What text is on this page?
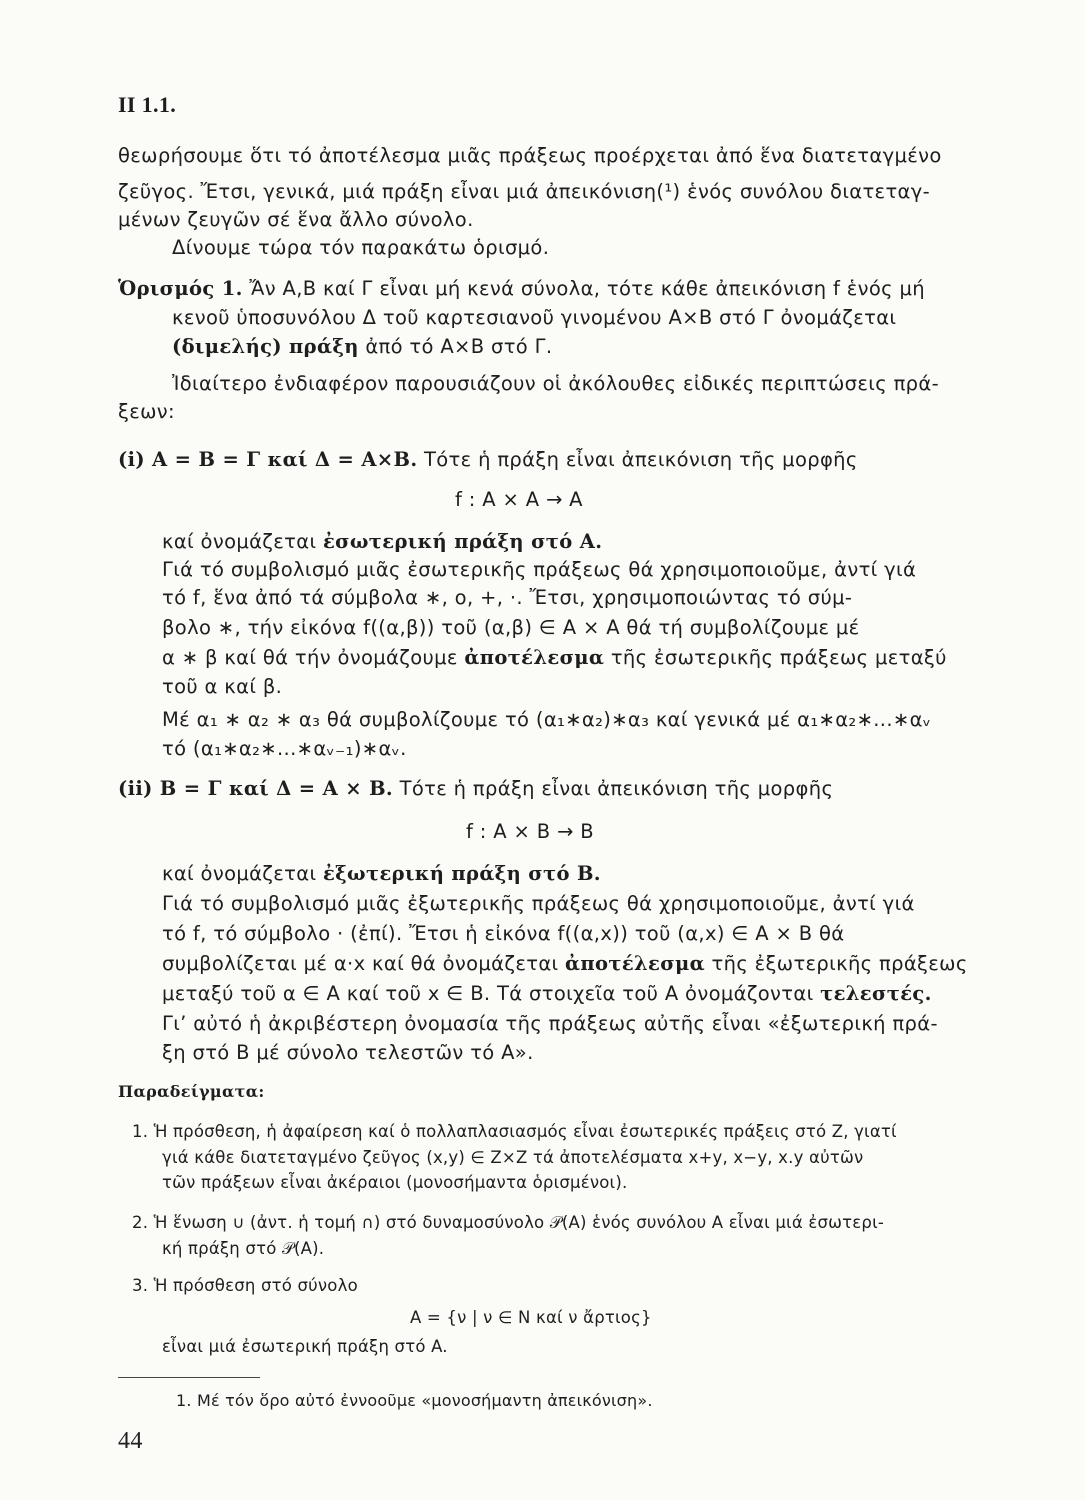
II 1.1.
θεωρήσουμε ὅτι τό ἀποτέλεσμα μιᾶς πράξεως προέρχεται ἀπό ἕνα διατεταγμένο
ζεῦγος. Ἔτσι, γενικά, μιά πράξη εἶναι μιά ἀπεικόνιση(¹) ἑνός συνόλου διατεταγ-
μένων ζευγῶν σέ ἕνα ἄλλο σύνολο.
Δίνουμε τώρα τόν παρακάτω ὁρισμό.
Ὁρισμός 1. Ἄν A,B καί Γ εἶναι μή κενά σύνολα, τότε κάθε ἀπεικόνιση f ἑνός μή
κενοῦ ὑποσυνόλου Δ τοῦ καρτεσιανοῦ γινομένου A×B στό Γ ὀνομάζεται
(διμελής) πράξη ἀπό τό A×B στό Γ.
Ἰδιαίτερο ἐνδιαφέρον παρουσιάζουν οἱ ἀκόλουθες εἰδικές περιπτώσεις πρά-
ξεων:
(i) A = B = Γ καί Δ = A×B. Τότε ἡ πράξη εἶναι ἀπεικόνιση τῆς μορφῆς
f : A × A → A
καί ὀνομάζεται ἐσωτερική πράξη στό A.
Γιά τό συμβολισμό μιᾶς ἐσωτερικῆς πράξεως θά χρησιμοποιοῦμε, ἀντί γιά
τό f, ἕνα ἀπό τά σύμβολα ∗, ο, +, ·. Ἔτσι, χρησιμοποιώντας τό σύμ-
βολο ∗, τήν εἰκόνα f((α,β)) τοῦ (α,β) ∈ A × A θά τή συμβολίζουμε μέ
α ∗ β καί θά τήν ὀνομάζουμε ἀποτέλεσμα τῆς ἐσωτερικῆς πράξεως μεταξύ
τοῦ α καί β.
Μέ α₁ ∗ α₂ ∗ α₃ θά συμβολίζουμε τό (α₁∗α₂)∗α₃ καί γενικά μέ α₁∗α₂∗...∗αᵥ
τό (α₁∗α₂∗...∗αᵥ₋₁)∗αᵥ.
(ii) B = Γ καί Δ = A × B. Τότε ἡ πράξη εἶναι ἀπεικόνιση τῆς μορφῆς
f : A × B → B
καί ὀνομάζεται ἐξωτερική πράξη στό B.
Γιά τό συμβολισμό μιᾶς ἐξωτερικῆς πράξεως θά χρησιμοποιοῦμε, ἀντί γιά
τό f, τό σύμβολο · (ἐπί). Ἔτσι ἡ εἰκόνα f((α,x)) τοῦ (α,x) ∈ A × B θά
συμβολίζεται μέ α·x καί θά ὀνομάζεται ἀποτέλεσμα τῆς ἐξωτερικῆς πράξεως
μεταξύ τοῦ α ∈ A καί τοῦ x ∈ B. Τά στοιχεῖα τοῦ A ὀνομάζονται τελεστές.
Γι’ αὐτό ἡ ἀκριβέστερη ὀνομασία τῆς πράξεως αὐτῆς εἶναι «ἐξωτερική πρά-
ξη στό B μέ σύνολο τελεστῶν τό A».
Παραδείγματα:
1. Ἡ πρόσθεση, ἡ ἀφαίρεση καί ὁ πολλαπλασιασμός εἶναι ἐσωτερικές πράξεις στό Z, γιατί
γιά κάθε διατεταγμένο ζεῦγος (x,y) ∈ Z×Z τά ἀποτελέσματα x+y, x−y, x.y αὐτῶν
τῶν πράξεων εἶναι ἀκέραιοι (μονοσήμαντα ὁρισμένοι).
2. Ἡ ἕνωση ∪ (ἀντ. ἡ τομή ∩) στό δυναμοσύνολο 𝒫(A) ἑνός συνόλου A εἶναι μιά ἐσωτερι-
κή πράξη στό 𝒫(A).
3. Ἡ πρόσθεση στό σύνολο
A = {ν | ν ∈ N καί ν ἄρτιος}
εἶναι μιά ἐσωτερική πράξη στό A.
1. Μέ τόν ὅρο αὐτό ἐννοοῦμε «μονοσήμαντη ἀπεικόνιση».
44
